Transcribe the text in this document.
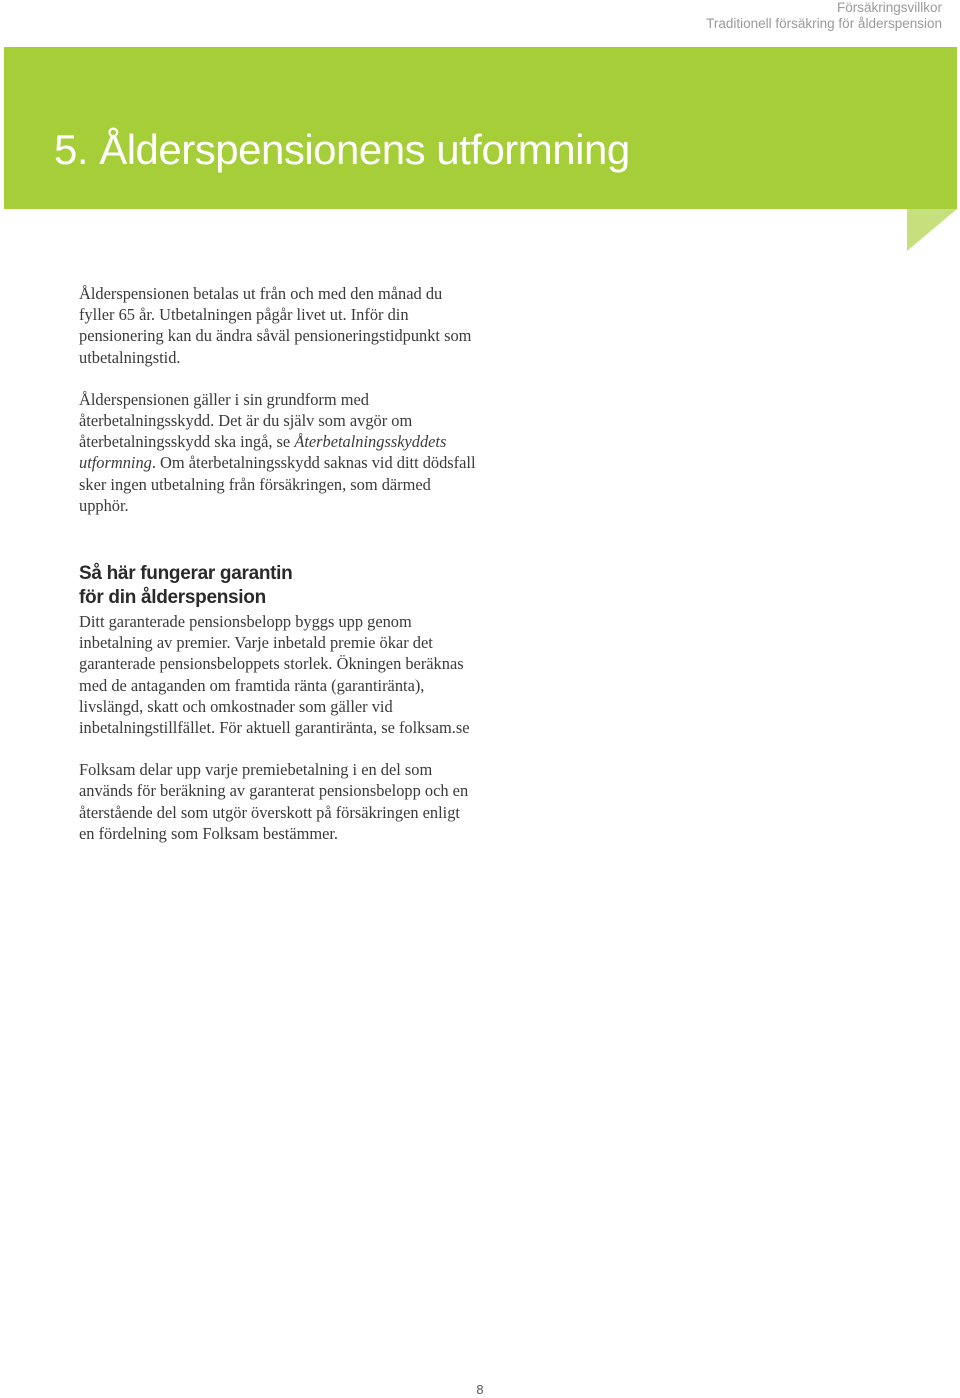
Försäkringsvillkor
Traditionell försäkring för ålderspension
5. Ålderspensionens utformning

Ålderspensionen betalas ut från och med den månad du fyller 65 år. Utbetalningen pågår livet ut. Inför din pensionering kan du ändra såväl pensioneringstidpunkt som utbetalningstid.

Ålderspensionen gäller i sin grundform med återbetalningsskydd. Det är du själv som avgör om återbetalningsskydd ska ingå, se Återbetalningsskyddets utformning. Om återbetalningsskydd saknas vid ditt dödsfall sker ingen utbetalning från försäkringen, som därmed upphör.

Så här fungerar garantin
för din ålderspension

Ditt garanterade pensionsbelopp byggs upp genom inbetalning av premier. Varje inbetald premie ökar det garanterade pensionsbeloppets storlek. Ökningen beräknas med de antaganden om framtida ränta (garantiränta), livslängd, skatt och omkostnader som gäller vid inbetalningstillfället. För aktuell garantiränta, se folksam.se

Folksam delar upp varje premiebetalning i en del som används för beräkning av garanterat pensionsbelopp och en återstående del som utgör överskott på försäkringen enligt en fördelning som Folksam bestämmer.

8
